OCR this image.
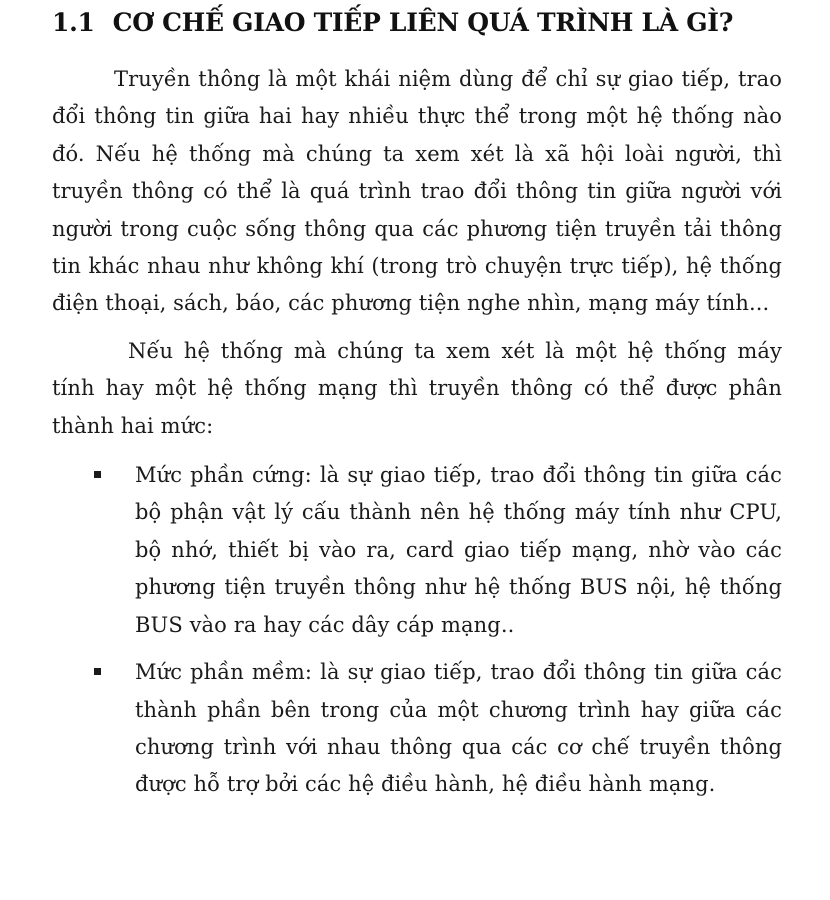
1.1 CƠ CHẾ GIAO TIẾP LIÊN QUÁ TRÌNH LÀ GÌ?

Truyền thông là một khái niệm dùng để chỉ sự giao tiếp, trao đổi thông tin giữa hai hay nhiều thực thể trong một hệ thống nào đó. Nếu hệ thống mà chúng ta xem xét là xã hội loài người, thì truyền thông có thể là quá trình trao đổi thông tin giữa người với người trong cuộc sống thông qua các phương tiện truyền tải thông tin khác nhau như không khí (trong trò chuyện trực tiếp), hệ thống điện thoại, sách, báo, các phương tiện nghe nhìn, mạng máy tính...

Nếu hệ thống mà chúng ta xem xét là một hệ thống máy tính hay một hệ thống mạng thì truyền thông có thể được phân thành hai mức:

Mức phần cứng: là sự giao tiếp, trao đổi thông tin giữa các bộ phận vật lý cấu thành nên hệ thống máy tính như CPU, bộ nhớ, thiết bị vào ra, card giao tiếp mạng, nhờ vào các phương tiện truyền thông như hệ thống BUS nội, hệ thống BUS vào ra hay các dây cáp mạng..
Mức phần mềm: là sự giao tiếp, trao đổi thông tin giữa các thành phần bên trong của một chương trình hay giữa các chương trình với nhau thông qua các cơ chế truyền thông được hỗ trợ bởi các hệ điều hành, hệ điều hành mạng.
